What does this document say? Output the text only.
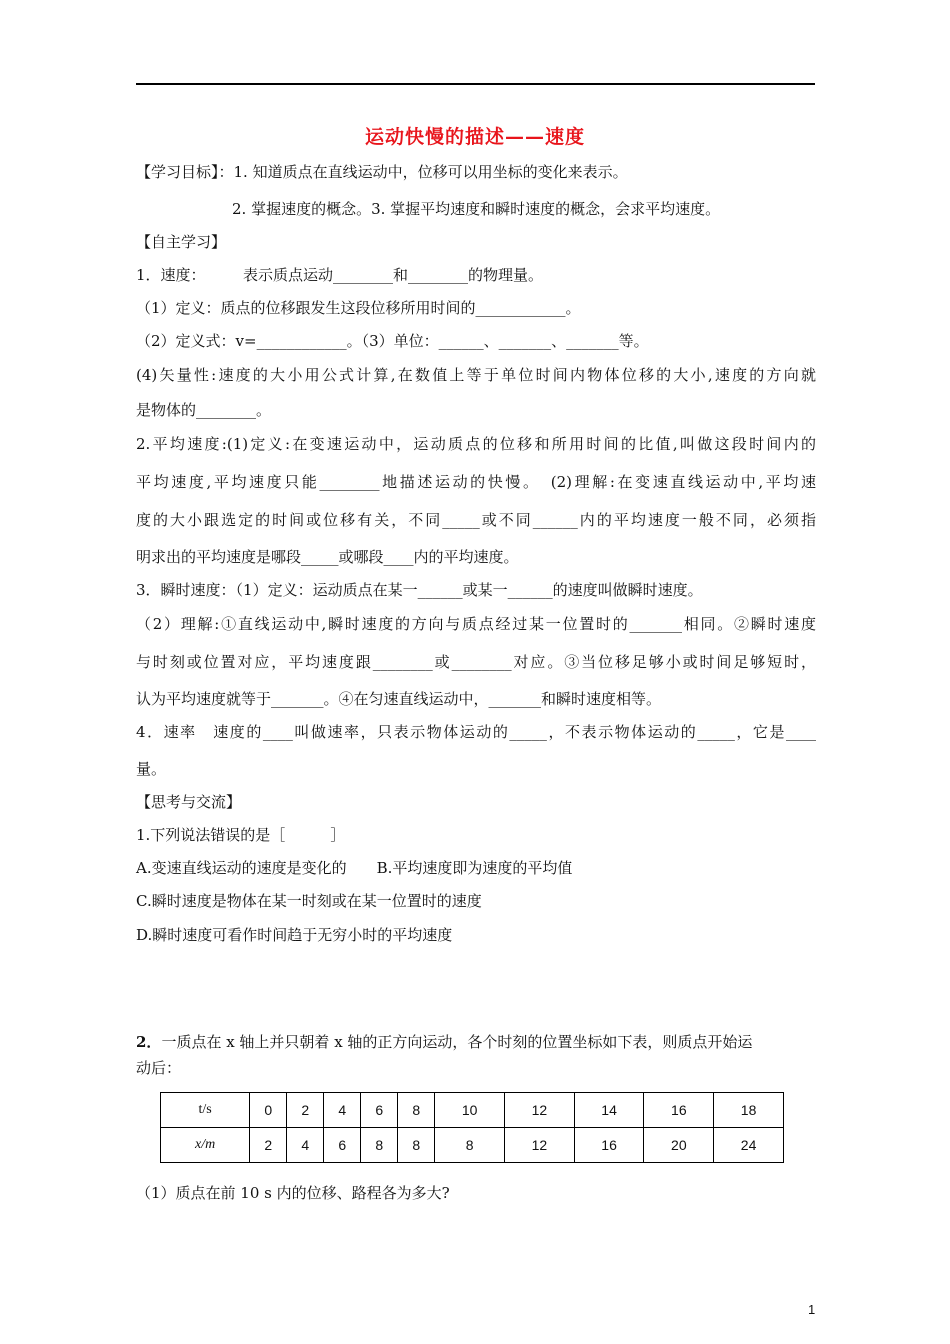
运动快慢的描述——速度
【学习目标】：1. 知道质点在直线运动中，位移可以用坐标的变化来表示。
2. 掌握速度的概念。3. 掌握平均速度和瞬时速度的概念，会求平均速度。
【自主学习】
1．速度：　　　表示质点运动________和________的物理量。
（1）定义：质点的位移跟发生这段位移所用时间的____________。
（2）定义式：v=____________。（3）单位：______、_______、_______等。
(4)矢量性:速度的大小用公式计算,在数值上等于单位时间内物体位移的大小,速度的方向就
是物体的________。
2.平均速度:(1)定义:在变速运动中，运动质点的位移和所用时间的比值,叫做这段时间内的
平均速度,平均速度只能________地描述运动的快慢。　(2)理解:在变速直线运动中,平均速
度的大小跟选定的时间或位移有关，不同_____或不同______内的平均速度一般不同，必须指
明求出的平均速度是哪段_____或哪段____内的平均速度。
3．瞬时速度：（1）定义：运动质点在某一______或某一______的速度叫做瞬时速度。
（2）理解:①直线运动中,瞬时速度的方向与质点经过某一位置时的_______相同。②瞬时速度
与时刻或位置对应，平均速度跟________或________对应。③当位移足够小或时间足够短时，
认为平均速度就等于_______。④在匀速直线运动中，_______和瞬时速度相等。
4．速率　速度的____叫做速率，只表示物体运动的_____，不表示物体运动的_____，它是____
量。
【思考与交流】
1.下列说法错误的是［　　　］
A.变速直线运动的速度是变化的　　B.平均速度即为速度的平均值
C.瞬时速度是物体在某一时刻或在某一位置时的速度
D.瞬时速度可看作时间趋于无穷小时的平均速度
2．一质点在 x 轴上并只朝着 x 轴的正方向运动，各个时刻的位置坐标如下表，则质点开始运
动后：
t/s	0	2	4	6	8	10	12	14	16	18
x/m	2	4	6	8	8	8	12	16	20	24
（1）质点在前 10 s 内的位移、路程各为多大?
1
